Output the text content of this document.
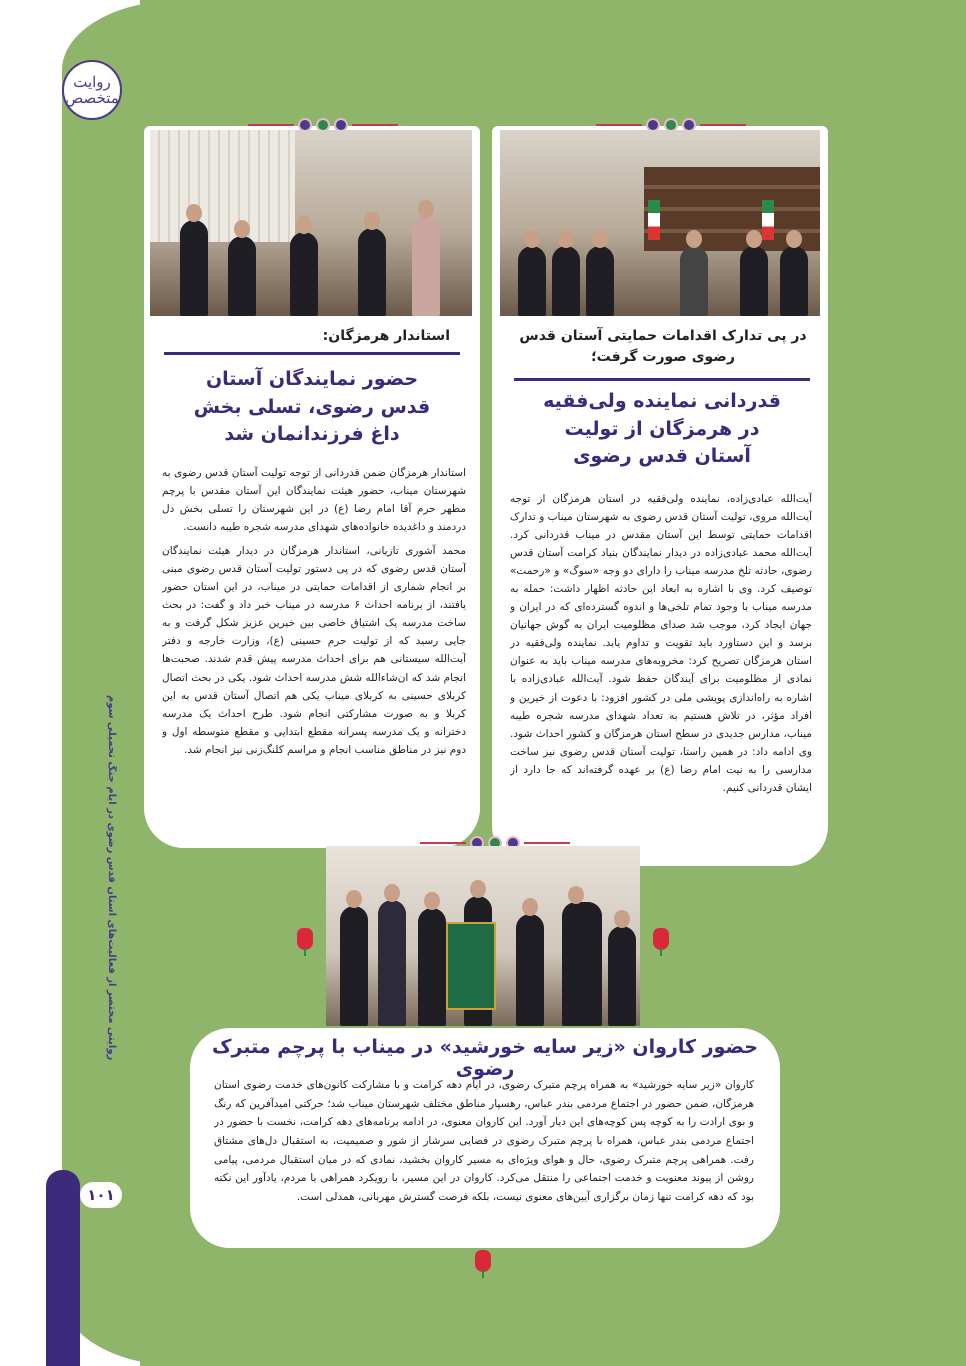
روایت متخصص
روایتی مختصر از فعالیت‌های آستان قدس رضوی در ایام جنگ تحمیلی سوم
١٠١
در پی تدارک اقدامات حمایتی آستان قدس رضوی صورت گرفت؛
قدردانی نماینده ولی‌فقیه در هرمزگان از تولیت آستان قدس رضوی

آیت‌الله عبادی‌زاده، نماینده ولی‌فقیه در استان هرمزگان از توجه آیت‌الله مروی، تولیت آستان قدس رضوی به شهرستان میناب و تدارک اقدامات حمایتی توسط این آستان مقدس در میناب قدردانی کرد. آیت‌الله محمد عبادی‌زاده در دیدار نمایندگان بنیاد کرامت آستان قدس رضوی، حادثه تلخ مدرسه میناب را دارای دو وجه «سوگ» و «رحمت» توصیف کرد. وی با اشاره به ابعاد این حادثه اظهار داشت: حمله به مدرسه میناب با وجود تمام تلخی‌ها و اندوه گسترده‌ای که در ایران و جهان ایجاد کرد، موجب شد صدای مظلومیت ایران به گوش جهانیان برسد و این دستاورد باید تقویت و تداوم یابد. نماینده ولی‌فقیه در استان هرمزگان تصریح کرد: مخروبه‌های مدرسه میناب باید به عنوان نمادی از مظلومیت برای آیندگان حفظ شود. آیت‌الله عبادی‌زاده با اشاره به راه‌اندازی پویشی ملی در کشور افزود: با دعوت از خیرین و افراد مؤثر، در تلاش هستیم به تعداد شهدای مدرسه شجره طیبه میناب، مدارس جدیدی در سطح استان هرمزگان و کشور احداث شود. وی ادامه داد: در همین راستا، تولیت آستان قدس رضوی نیز ساخت مدارسی را به نیت امام رضا (ع) بر عهده گرفته‌اند که جا دارد از ایشان قدردانی کنیم.

استاندار هرمزگان:
حضور نمایندگان آستان قدس رضوی، تسلی بخش داغ فرزندانمان شد

استاندار هرمزگان ضمن قدردانی از توجه تولیت آستان قدس رضوی به شهرستان میناب، حضور هیئت نمایندگان این آستان مقدس با پرچم مطهر حرم آقا امام رضا (ع) در این شهرستان را تسلی بخش دل دردمند و داغدیده خانواده‌های شهدای مدرسه شجره طیبه دانست.

محمد آشوری تازیانی، استاندار هرمزگان در دیدار هیئت نمایندگان آستان قدس رضوی که در پی دستور تولیت آستان قدس رضوی مبنی بر انجام شماری از اقدامات حمایتی در میناب، در این استان حضور یافتند، از برنامه احداث ۶ مدرسه در میناب خبر داد و گفت: در بحث ساخت مدرسه یک اشتیاق خاصی بین خیرین عزیز شکل گرفت و به جایی رسید که از تولیت حرم حسینی (ع)، وزارت خارجه و دفتر آیت‌الله سیستانی هم برای احداث مدرسه پیش قدم شدند. صحبت‌ها انجام شد که ان‌شاءالله شش مدرسه احداث شود. یکی در بحث اتصال کربلای حسینی به کربلای میناب یکی هم اتصال آستان قدس به این کربلا و به صورت مشارکتی انجام شود. طرح احداث یک مدرسه دخترانه و یک مدرسه پسرانه مقطع ابتدایی و مقطع متوسطه اول و دوم نیز در مناطق مناسب انجام و مراسم کلنگ‌زنی نیز انجام شد.

حضور کاروان «زیر سایه خورشید» در میناب با پرچم متبرک رضوی

کاروان «زیر سایه خورشید» به همراه پرچم متبرک رضوی، در ایام دهه کرامت و با مشارکت کانون‌های خدمت رضوی استان هرمزگان، ضمن حضور در اجتماع مردمی بندر عباس، رهسپار مناطق مختلف شهرستان میناب شد؛ حرکتی امیدآفرین که رنگ و بوی ارادت را به کوچه پس کوچه‌های این دیار آورد. این کاروان معنوی، در ادامه برنامه‌های دهه کرامت، نخست با حضور در اجتماع مردمی بندر عباس، همراه با پرچم متبرک رضوی در فضایی سرشار از شور و صمیمیت، به استقبال دل‌های مشتاق رفت. همراهی پرچم متبرک رضوی، حال و هوای ویژه‌ای به مسیر کاروان بخشید، نمادی که در میان استقبال مردمی، پیامی روشن از پیوند معنویت و خدمت اجتماعی را منتقل می‌کرد. کاروان در این مسیر، با رویکرد همراهی با مردم، یادآور این نکته بود که دهه کرامت تنها زمان برگزاری آیین‌های معنوی نیست، بلکه فرصت گسترش مهربانی، همدلی است.
